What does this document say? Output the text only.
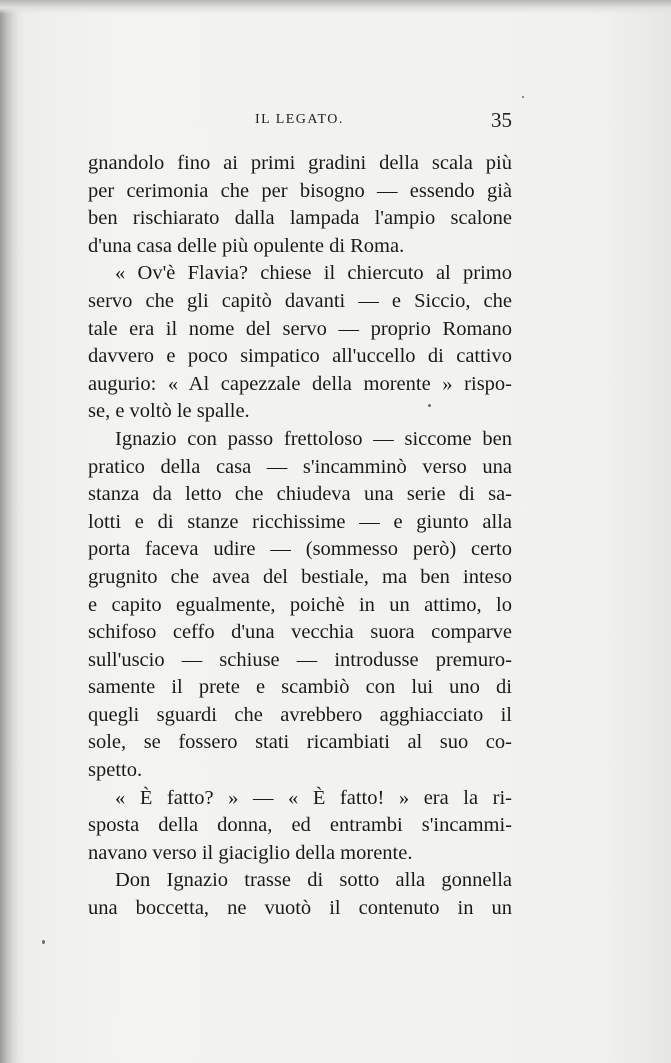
IL LEGATO.	35
gnandolo fino ai primi gradini della scala più
per cerimonia che per bisogno — essendo già
ben rischiarato dalla lampada l'ampio scalone
d'una casa delle più opulente di Roma.
« Ov'è Flavia? chiese il chiercuto al primo
servo che gli capitò davanti — e Siccio, che
tale era il nome del servo — proprio Romano
davvero e poco simpatico all'uccello di cattivo
augurio: « Al capezzale della morente » rispo-
se, e voltò le spalle.
Ignazio con passo frettoloso — siccome ben
pratico della casa — s'incamminò verso una
stanza da letto che chiudeva una serie di sa-
lotti e di stanze ricchissime — e giunto alla
porta faceva udire — (sommesso però) certo
grugnito che avea del bestiale, ma ben inteso
e capito egualmente, poichè in un attimo, lo
schifoso ceffo d'una vecchia suora comparve
sull'uscio — schiuse — introdusse premuro-
samente il prete e scambiò con lui uno di
quegli sguardi che avrebbero agghiacciato il
sole, se fossero stati ricambiati al suo co-
spetto.
« È fatto? » — « È fatto! » era la ri-
sposta della donna, ed entrambi s'incammi-
navano verso il giaciglio della morente.
Don Ignazio trasse di sotto alla gonnella
una boccetta, ne vuotò il contenuto in un
